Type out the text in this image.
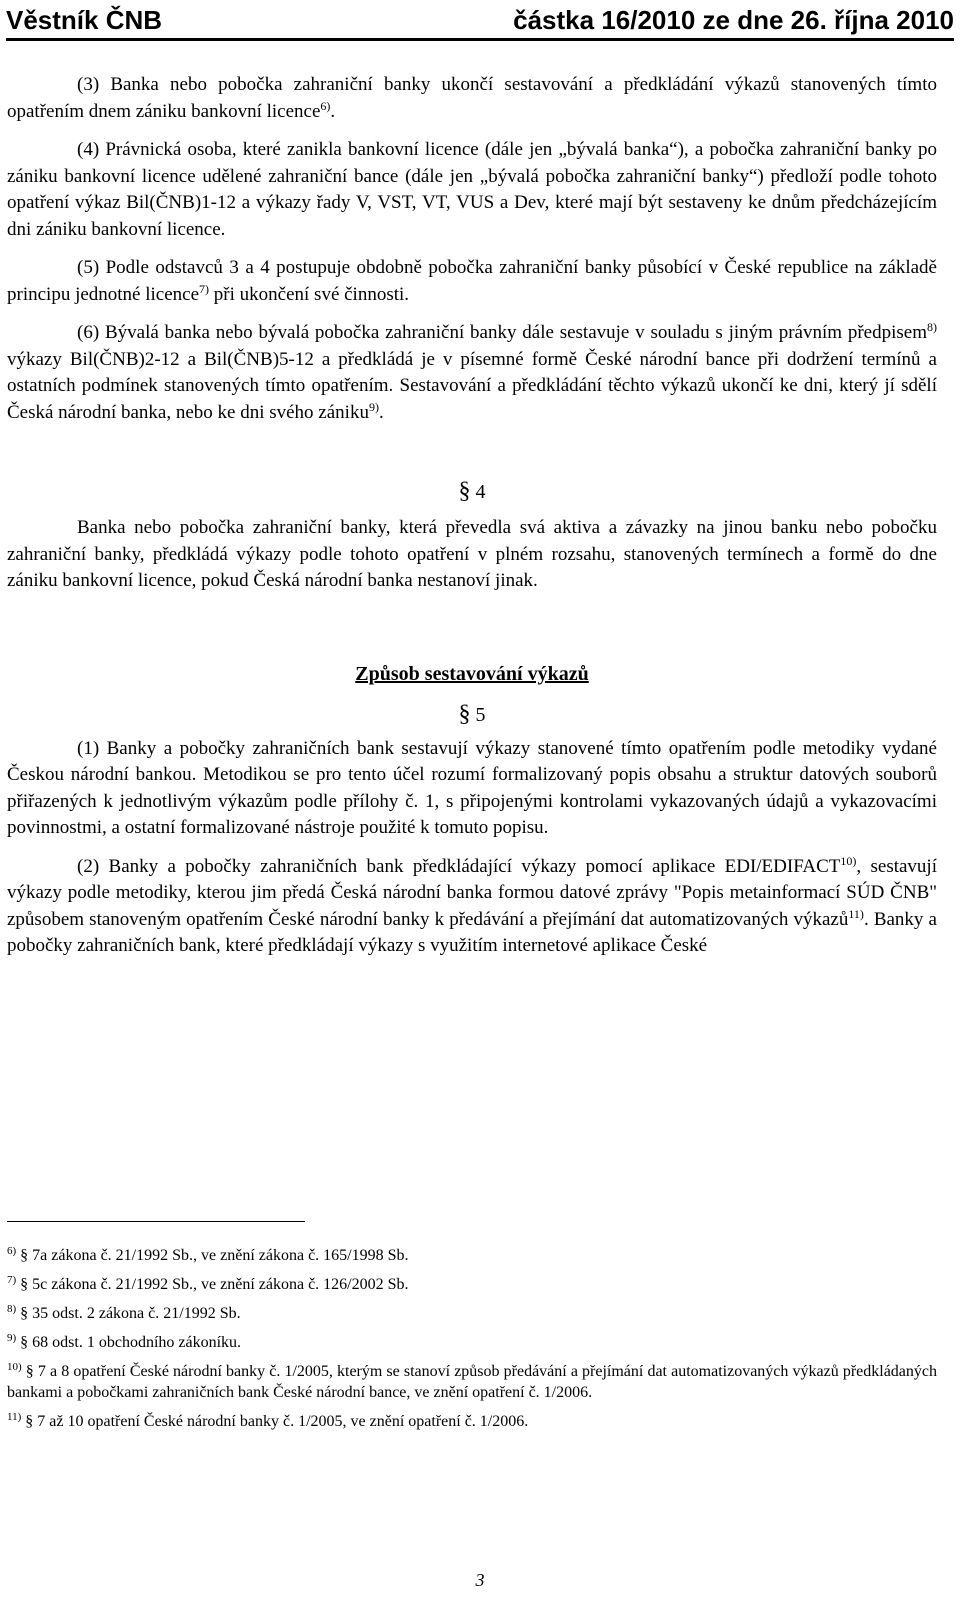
Věstník ČNB	částka 16/2010 ze dne 26. října 2010

(3) Banka nebo pobočka zahraniční banky ukončí sestavování a předkládání výkazů stanovených tímto opatřením dnem zániku bankovní licence$^{6)}$.

(4) Právnická osoba, které zanikla bankovní licence (dále jen „bývalá banka“), a pobočka zahraniční banky po zániku bankovní licence udělené zahraniční bance (dále jen „bývalá pobočka zahraniční banky“) předloží podle tohoto opatření výkaz Bil(ČNB)1-12 a výkazy řady V, VST, VT, VUS a Dev, které mají být sestaveny ke dnům předcházejícím dni zániku bankovní licence.

(5) Podle odstavců 3 a 4 postupuje obdobně pobočka zahraniční banky působící v České republice na základě principu jednotné licence$^{7)}$ při ukončení své činnosti.

(6) Bývalá banka nebo bývalá pobočka zahraniční banky dále sestavuje v souladu s jiným právním předpisem$^{8)}$ výkazy Bil(ČNB)2-12 a Bil(ČNB)5-12 a předkládá je v písemné formě České národní bance při dodržení termínů a ostatních podmínek stanovených tímto opatřením. Sestavování a předkládání těchto výkazů ukončí ke dni, který jí sdělí Česká národní banka, nebo ke dni svého zániku$^{9)}$.

§ 4

Banka nebo pobočka zahraniční banky, která převedla svá aktiva a závazky na jinou banku nebo pobočku zahraniční banky, předkládá výkazy podle tohoto opatření v plném rozsahu, stanovených termínech a formě do dne zániku bankovní licence, pokud Česká národní banka nestanoví jinak.

Způsob sestavování výkazů

§ 5

(1) Banky a pobočky zahraničních bank sestavují výkazy stanovené tímto opatřením podle metodiky vydané Českou národní bankou. Metodikou se pro tento účel rozumí formalizovaný popis obsahu a struktur datových souborů přiřazených k jednotlivým výkazům podle přílohy č. 1, s připojenými kontrolami vykazovaných údajů a vykazovacími povinnostmi, a ostatní formalizované nástroje použité k tomuto popisu.

(2) Banky a pobočky zahraničních bank předkládající výkazy pomocí aplikace EDI/EDIFACT$^{10)}$, sestavují výkazy podle metodiky, kterou jim předá Česká národní banka formou datové zprávy "Popis metainformací SÚD ČNB" způsobem stanoveným opatřením České národní banky k předávání a přejímání dat automatizovaných výkazů$^{11)}$. Banky a pobočky zahraničních bank, které předkládají výkazy s využitím internetové aplikace České

$^{6)}$ § 7a zákona č. 21/1992 Sb., ve znění zákona č. 165/1998 Sb.

$^{7)}$ § 5c zákona č. 21/1992 Sb., ve znění zákona č. 126/2002 Sb.

$^{8)}$ § 35 odst. 2 zákona č. 21/1992 Sb.

$^{9)}$ § 68 odst. 1 obchodního zákoníku.

$^{10)}$ § 7 a 8 opatření České národní banky č. 1/2005, kterým se stanoví způsob předávání a přejímání dat automatizovaných výkazů předkládaných bankami a pobočkami zahraničních bank České národní bance, ve znění opatření č. 1/2006.

$^{11)}$ § 7 až 10 opatření České národní banky č. 1/2005, ve znění opatření č. 1/2006.

3
